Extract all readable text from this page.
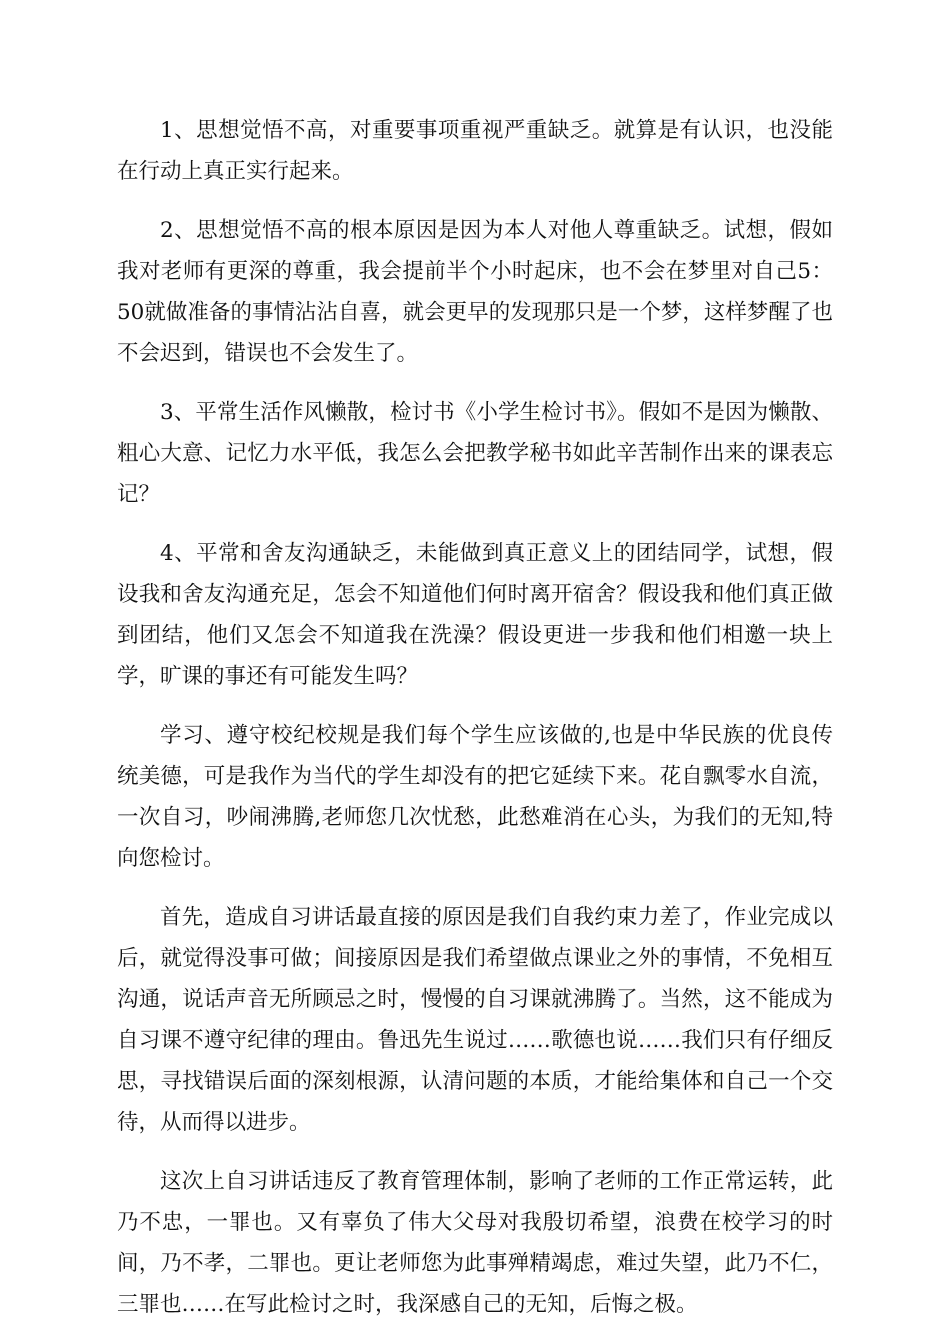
1、思想觉悟不高，对重要事项重视严重缺乏。就算是有认识，也没能在行动上真正实行起来。

2、思想觉悟不高的根本原因是因为本人对他人尊重缺乏。试想，假如我对老师有更深的尊重，我会提前半个小时起床，也不会在梦里对自己5：50就做准备的事情沾沾自喜，就会更早的发现那只是一个梦，这样梦醒了也不会迟到，错误也不会发生了。

3、平常生活作风懒散，检讨书《小学生检讨书》。假如不是因为懒散、粗心大意、记忆力水平低，我怎么会把教学秘书如此辛苦制作出来的课表忘记？

4、平常和舍友沟通缺乏，未能做到真正意义上的团结同学，试想，假设我和舍友沟通充足，怎会不知道他们何时离开宿舍？假设我和他们真正做到团结，他们又怎会不知道我在洗澡？假设更进一步我和他们相邀一块上学，旷课的事还有可能发生吗？

学习、遵守校纪校规是我们每个学生应该做的,也是中华民族的优良传统美德，可是我作为当代的学生却没有的把它延续下来。花自飘零水自流，一次自习，吵闹沸腾,老师您几次忧愁，此愁难消在心头，为我们的无知,特向您检讨。

首先，造成自习讲话最直接的原因是我们自我约束力差了，作业完成以后，就觉得没事可做；间接原因是我们希望做点课业之外的事情，不免相互沟通，说话声音无所顾忌之时，慢慢的自习课就沸腾了。当然，这不能成为自习课不遵守纪律的理由。鲁迅先生说过……歌德也说……我们只有仔细反思，寻找错误后面的深刻根源，认清问题的本质，才能给集体和自己一个交待，从而得以进步。

这次上自习讲话违反了教育管理体制，影响了老师的工作正常运转，此乃不忠，一罪也。又有辜负了伟大父母对我殷切希望，浪费在校学习的时间，乃不孝，二罪也。更让老师您为此事殚精竭虑，难过失望，此乃不仁，三罪也……在写此检讨之时，我深感自己的无知，后悔之极。
